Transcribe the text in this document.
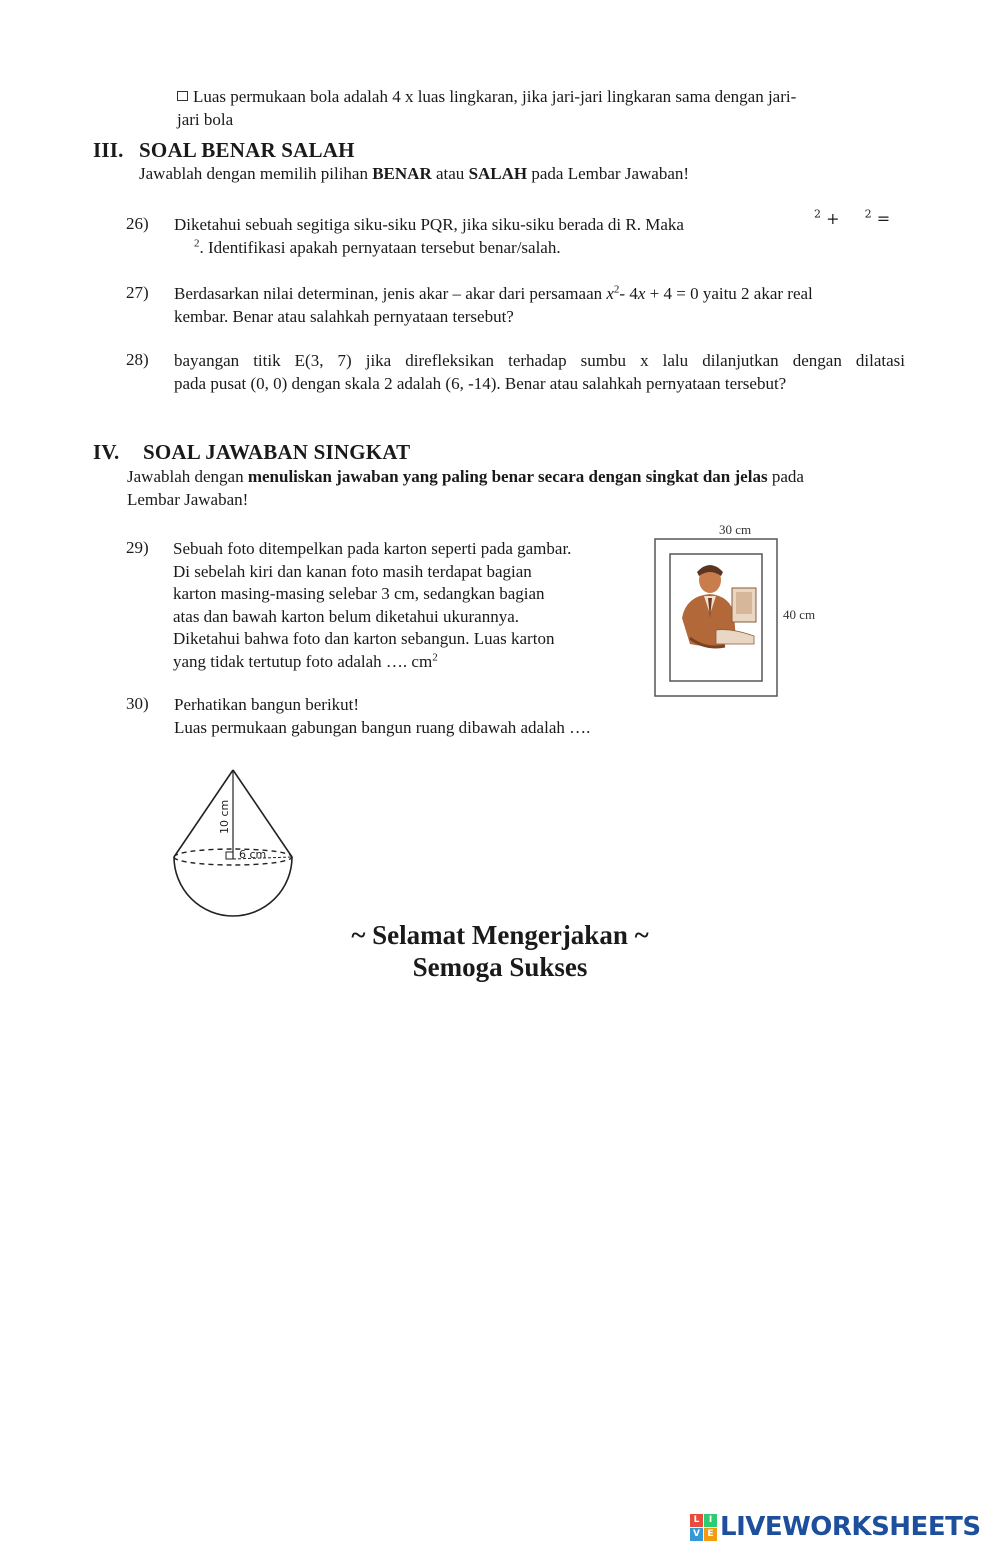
Luas permukaan bola adalah 4 x luas lingkaran, jika jari-jari lingkaran sama dengan jari-
jari bola
III. SOAL BENAR SALAH
Jawablah dengan memilih pilihan BENAR atau SALAH pada Lembar Jawaban!
26) Diketahui sebuah segitiga siku-siku PQR, jika siku-siku berada di R. Maka
$^2$ + $^2$ =
$^2$. Identifikasi apakah pernyataan tersebut benar/salah.
27) Berdasarkan nilai determinan, jenis akar – akar dari persamaan $x^2-$ 4x + 4 = 0 yaitu 2 akar real
kembar. Benar atau salahkah pernyataan tersebut?
28) bayangan titik E(3, 7) jika direfleksikan terhadap sumbu x lalu dilanjutkan dengan dilatasi
pada pusat (0, 0) dengan skala 2 adalah (6, -14). Benar atau salahkah pernyataan tersebut?
IV. SOAL JAWABAN SINGKAT
Jawablah dengan menuliskan jawaban yang paling benar secara dengan singkat dan jelas pada
Lembar Jawaban!
29) Sebuah foto ditempelkan pada karton seperti pada gambar.
Di sebelah kiri dan kanan foto masih terdapat bagian
karton masing-masing selebar 3 cm, sedangkan bagian
atas dan bawah karton belum diketahui ukurannya.
Diketahui bahwa foto dan karton sebangun. Luas karton
yang tidak tertutup foto adalah …. $cm^2$
30 cm
40 cm
30) Perhatikan bangun berikut!
Luas permukaan gabungan bangun ruang dibawah adalah ….
10 cm
6 cm
~ Selamat Mengerjakan ~
Semoga Sukses
L	I
V E LIVEWORKSHEETS
